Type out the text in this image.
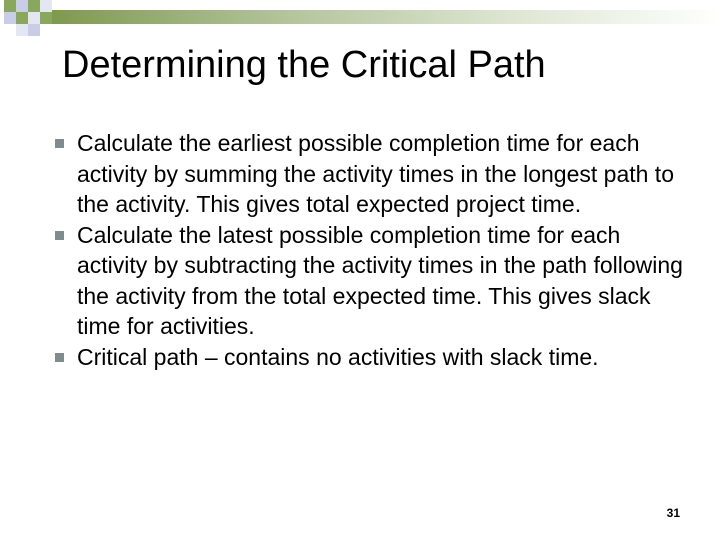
Determining the Critical Path
Calculate the earliest possible completion time for each activity by summing the activity times in the longest path to the activity. This gives total expected project time.
Calculate the latest possible completion time for each activity by subtracting the activity times in the path following the activity from the total expected time. This gives slack time for activities.
Critical path – contains no activities with slack time.
31
